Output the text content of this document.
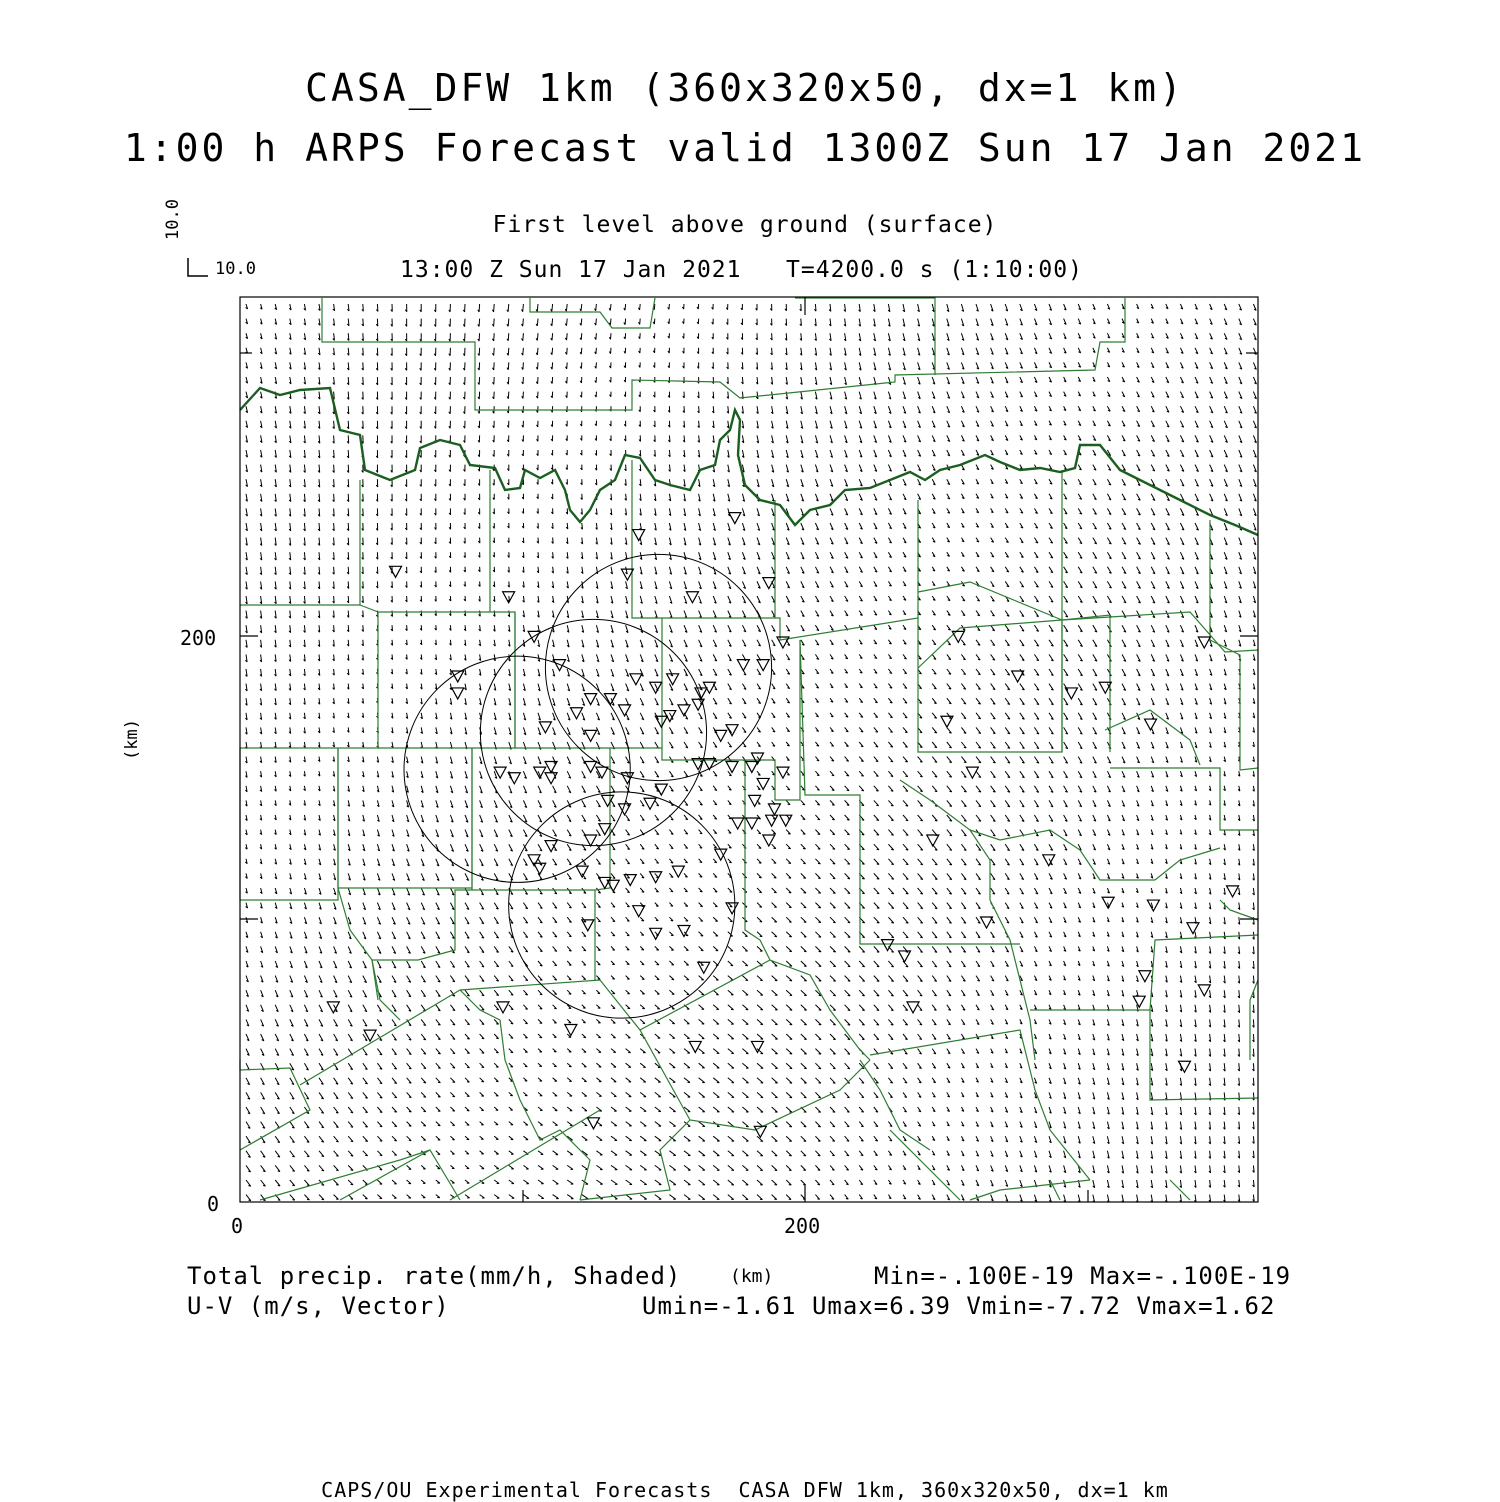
CASA_DFW 1km (360x320x50, dx=1 km)
1:00 h ARPS Forecast valid 1300Z Sun 17 Jan 2021
First level above ground (surface)
13:00 Z Sun 17 Jan 2021   T=4200.0 s (1:10:00)
10.0
10.0
(km)
200
0
0	200
(km)
Total precip. rate(mm/h, Shaded)
U-V (m/s, Vector)
Min=-.100E-19 Max=-.100E-19
Umin=-1.61 Umax=6.39 Vmin=-7.72 Vmax=1.62
CAPS/OU Experimental Forecasts  CASA DFW 1km, 360x320x50, dx=1 km
